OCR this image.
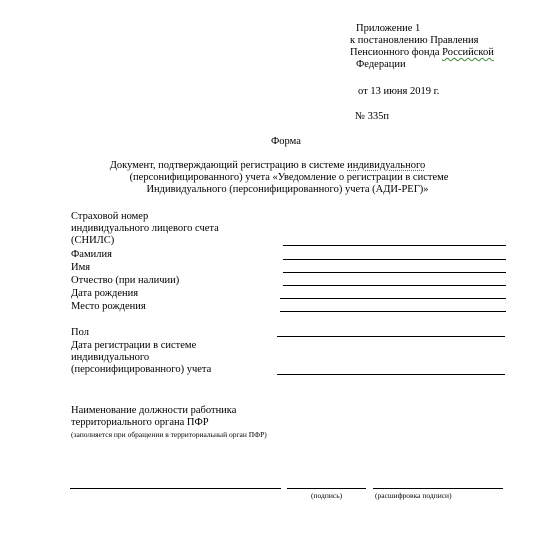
Приложение 1
к постановлению Правления
Пенсионного фонда Российской
Федерации
от 13 июня 2019 г.
№ 335п
Форма
Документ, подтверждающий регистрацию в системе индивидуального
(персонифицированного) учета «Уведомление о регистрации в системе
Индивидуального (персонифицированного) учета (АДИ-РЕГ)»
Страховой номер
индивидуального лицевого счета
(СНИЛС)
Фамилия
Имя
Отчество (при наличии)
Дата рождения
Место рождения
Пол
Дата регистрации в системе
индивидуального
(персонифицированного) учета
Наименование должности работника
территориального органа ПФР
(заполняется при обращении в территориальный орган ПФР)
(подпись)	(расшифровка подписи)
